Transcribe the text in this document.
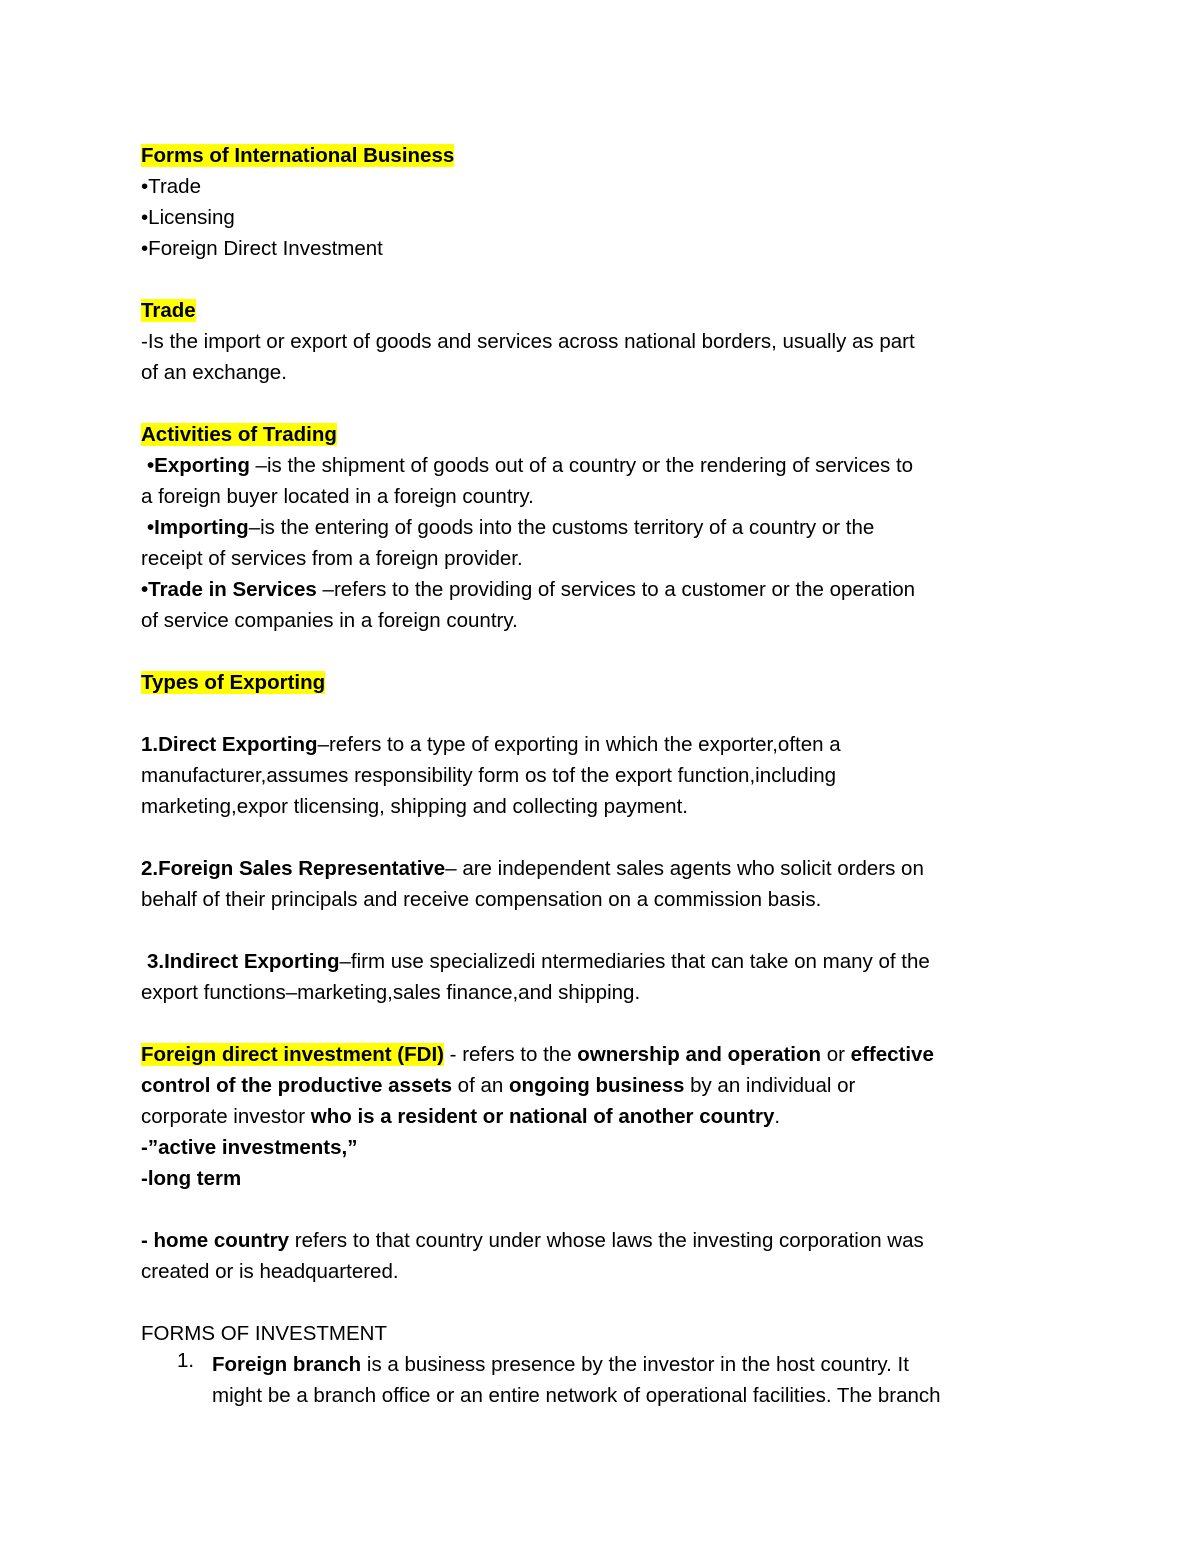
Forms of International Business

•Trade

•Licensing

•Foreign Direct Investment

Trade

-Is the import or export of goods and services across national borders, usually as part

of an exchange.

Activities of Trading

•Exporting –is the shipment of goods out of a country or the rendering of services to

a foreign buyer located in a foreign country.

•Importing–is the entering of goods into the customs territory of a country or the

receipt of services from a foreign provider.

•Trade in Services –refers to the providing of services to a customer or the operation

of service companies in a foreign country.

Types of Exporting

1.Direct Exporting–refers to a type of exporting in which the exporter,often a

manufacturer,assumes responsibility form os tof the export function,including

marketing,expor tlicensing, shipping and collecting payment.

2.Foreign Sales Representative– are independent sales agents who solicit orders on

behalf of their principals and receive compensation on a commission basis.

3.Indirect Exporting–firm use specializedi ntermediaries that can take on many of the

export functions–marketing,sales finance,and shipping.

Foreign direct investment (FDI) - refers to the ownership and operation or effective

control of the productive assets of an ongoing business by an individual or

corporate investor who is a resident or national of another country.

-”active investments,”

-long term

- home country refers to that country under whose laws the investing corporation was

created or is headquartered.

FORMS OF INVESTMENT

1. Foreign branch is a business presence by the investor in the host country. It

might be a branch office or an entire network of operational facilities. The branch
